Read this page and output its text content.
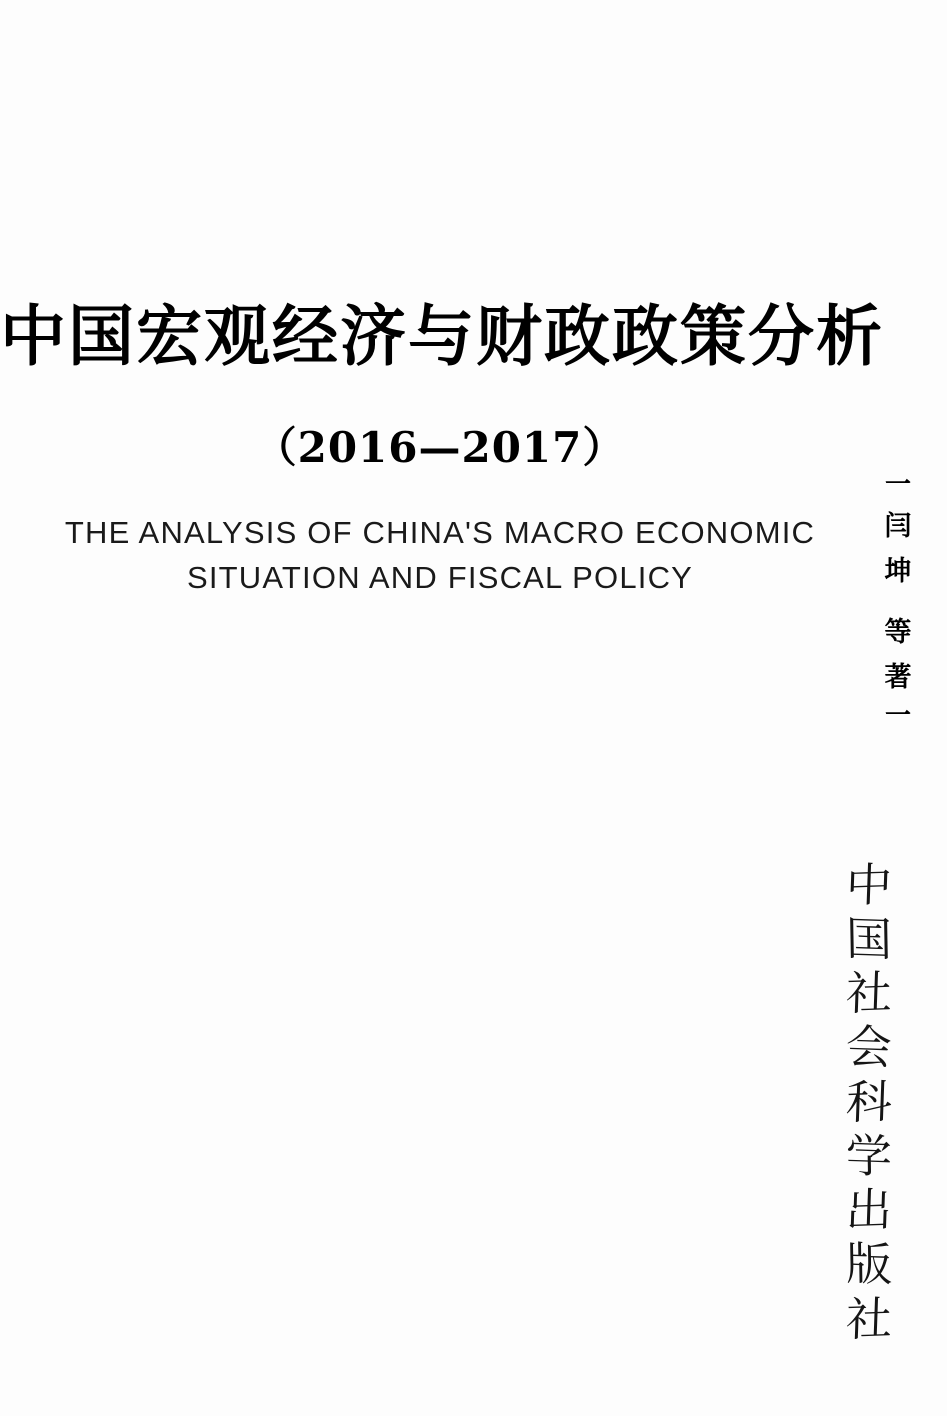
中国宏观经济与财政政策分析
（2016—2017）
THE ANALYSIS OF CHINA'S MACRO ECONOMIC
SITUATION AND FISCAL POLICY
一
闫
坤
等
著
一
中
国
社
会
科
学
出
版
社
